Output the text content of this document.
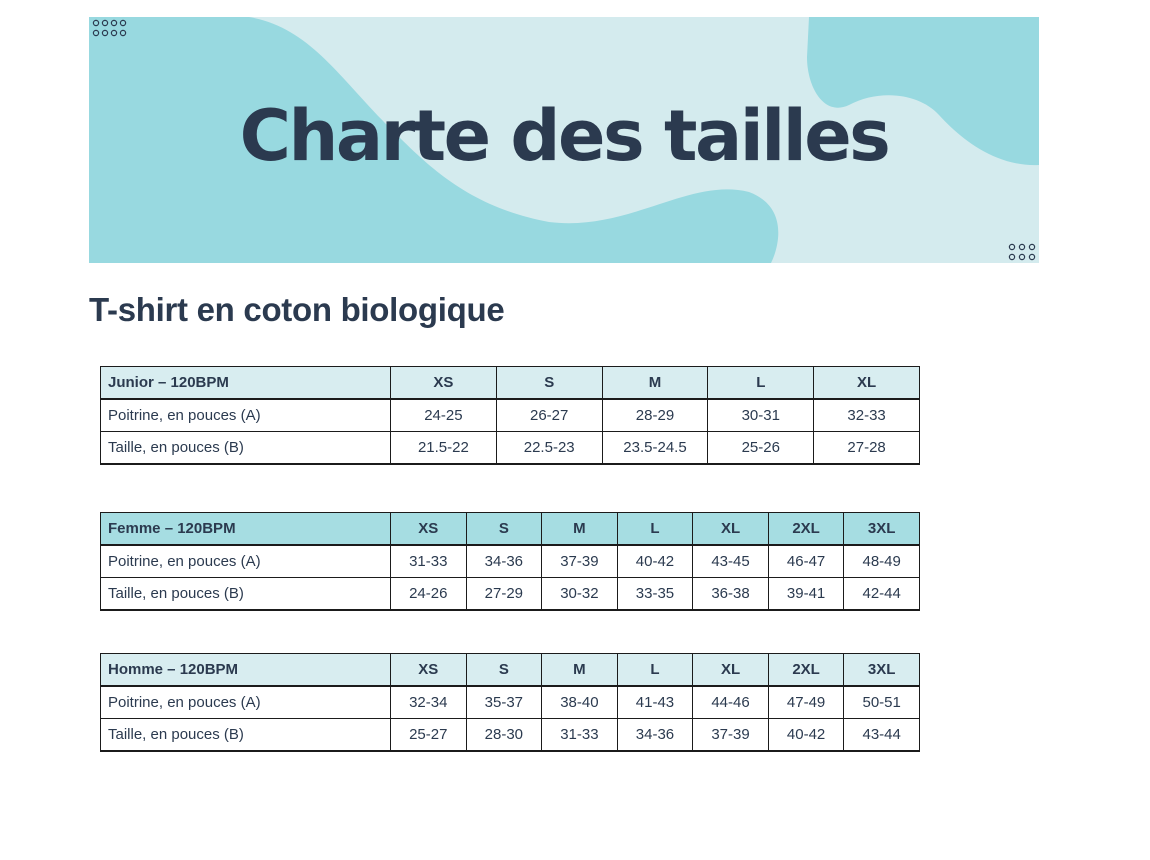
Charte des tailles
T-shirt en coton biologique
Junior – 120BPM	XS	S	M	L	XL
Poitrine, en pouces (A)	24-25	26-27	28-29	30-31	32-33
Taille, en pouces (B)	21.5-22	22.5-23	23.5-24.5	25-26	27-28
Femme – 120BPM	XS	S	M	L	XL	2XL	3XL
Poitrine, en pouces (A)	31-33	34-36	37-39	40-42	43-45	46-47	48-49
Taille, en pouces (B)	24-26	27-29	30-32	33-35	36-38	39-41	42-44
Homme – 120BPM	XS	S	M	L	XL	2XL	3XL
Poitrine, en pouces (A)	32-34	35-37	38-40	41-43	44-46	47-49	50-51
Taille, en pouces (B)	25-27	28-30	31-33	34-36	37-39	40-42	43-44
